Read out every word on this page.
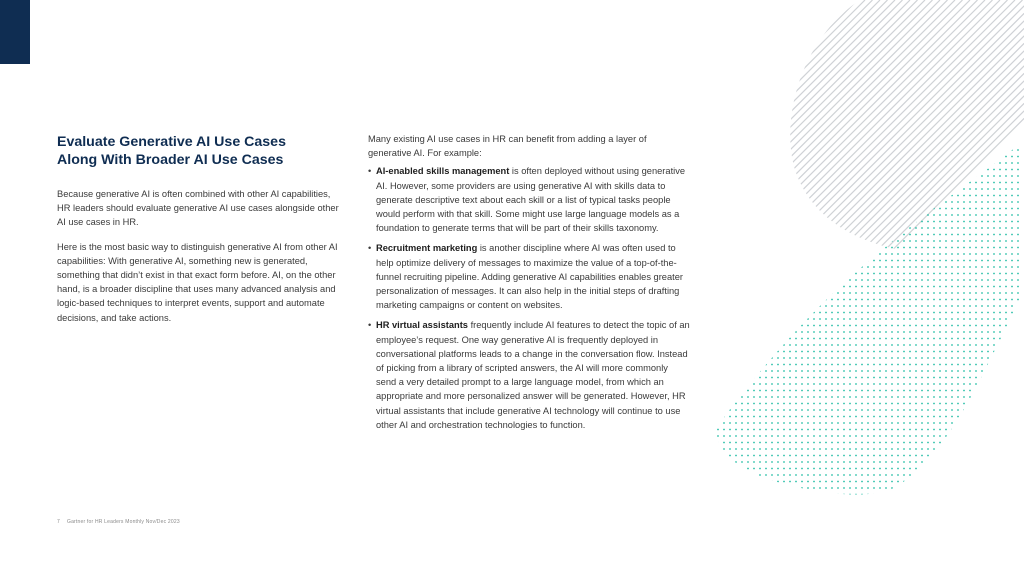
Evaluate Generative AI Use Cases
Along With Broader AI Use Cases

Because generative AI is often combined with other AI capabilities, HR leaders should evaluate generative AI use cases alongside other AI use cases in HR.

Here is the most basic way to distinguish generative AI from other AI capabilities: With generative AI, something new is generated, something that didn’t exist in that exact form before. AI, on the other hand, is a broader discipline that uses many advanced analysis and logic-based techniques to interpret events, support and automate decisions, and take actions.

Many existing AI use cases in HR can benefit from adding a layer of generative AI. For example:

• AI-enabled skills management is often deployed without using generative AI. However, some providers are using generative AI with skills data to generate descriptive text about each skill or a list of typical tasks people would perform with that skill. Some might use large language models as a foundation to generate terms that will be part of their skills taxonomy.
• Recruitment marketing is another discipline where AI was often used to help optimize delivery of messages to maximize the value of a top-of-the-funnel recruiting pipeline. Adding generative AI capabilities enables greater personalization of messages. It can also help in the initial steps of drafting marketing campaigns or content on websites.
• HR virtual assistants frequently include AI features to detect the topic of an employee’s request. One way generative AI is frequently deployed in conversational platforms leads to a change in the conversation flow. Instead of picking from a library of scripted answers, the AI will more commonly send a very detailed prompt to a large language model, from which an appropriate and more personalized answer will be generated. However, HR virtual assistants that include generative AI technology will continue to use other AI and orchestration technologies to function.
7 Gartner for HR Leaders Monthly Nov/Dec 2023
